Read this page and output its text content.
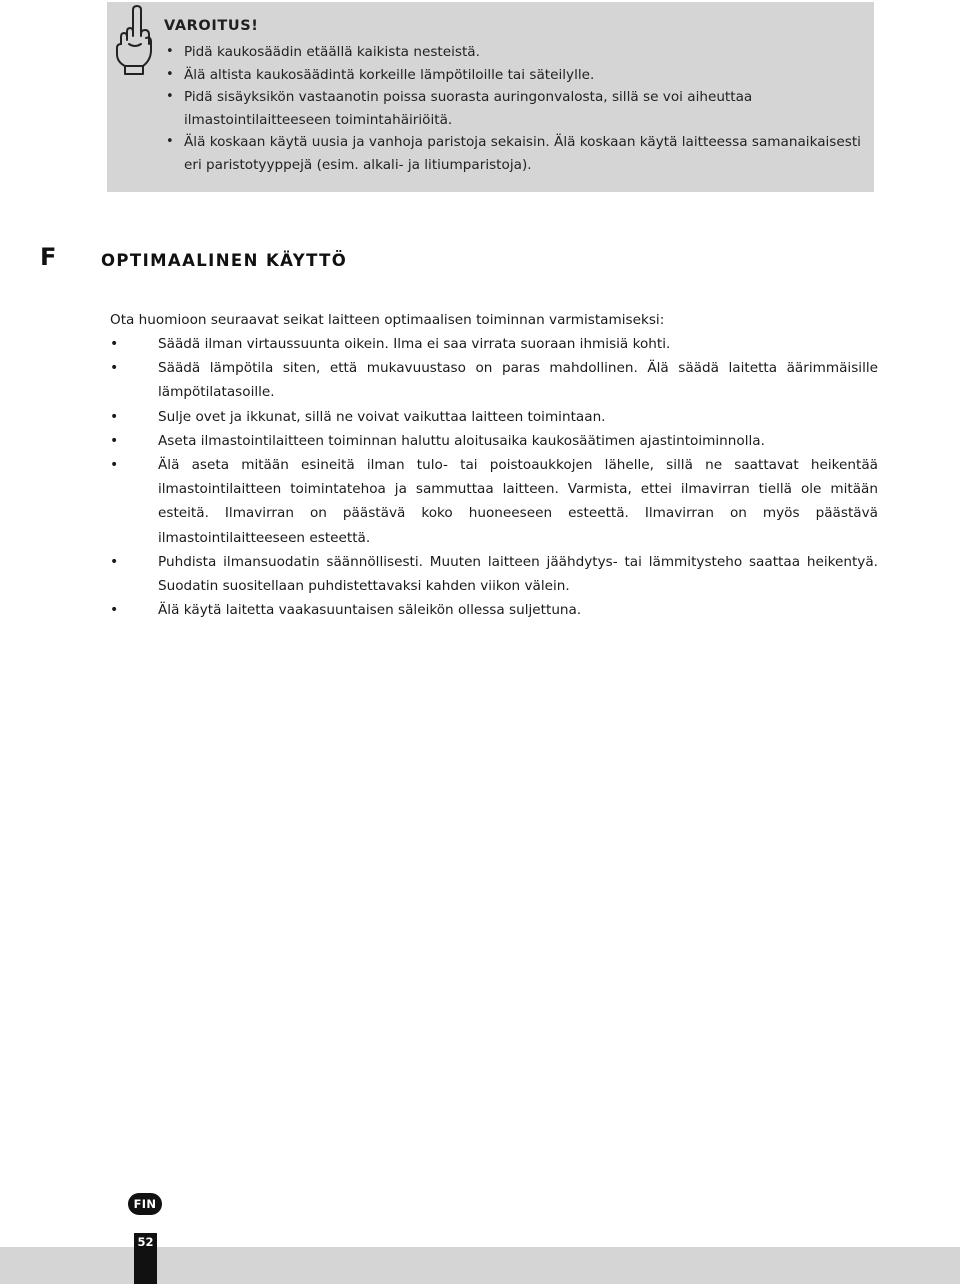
VAROITUS!
• Pidä kaukosäädin etäällä kaikista nesteistä.
• Älä altista kaukosäädintä korkeille lämpötiloille tai säteilylle.
• Pidä sisäyksikön vastaanotin poissa suorasta auringonvalosta, sillä se voi aiheuttaa ilmastointilaitteeseen toimintahäiriöitä.
• Älä koskaan käytä uusia ja vanhoja paristoja sekaisin. Älä koskaan käytä laitteessa samanaikaisesti eri paristotyyppejä (esim. alkali- ja litiumparistoja).
F	OPTIMAALINEN KÄYTTÖ

Ota huomioon seuraavat seikat laitteen optimaalisen toiminnan varmistamiseksi:

• Säädä ilman virtaussuunta oikein. Ilma ei saa virrata suoraan ihmisiä kohti.
• Säädä lämpötila siten, että mukavuustaso on paras mahdollinen. Älä säädä laitetta äärimmäisille lämpötilatasoille.
• Sulje ovet ja ikkunat, sillä ne voivat vaikuttaa laitteen toimintaan.
• Aseta ilmastointilaitteen toiminnan haluttu aloitusaika kaukosäätimen ajastintoiminnolla.
• Älä aseta mitään esineitä ilman tulo- tai poistoaukkojen lähelle, sillä ne saattavat heikentää ilmastointilaitteen toimintatehoa ja sammuttaa laitteen. Varmista, ettei ilmavirran tiellä ole mitään esteitä. Ilmavirran on päästävä koko huoneeseen esteettä. Ilmavirran on myös päästävä ilmastointilaitteeseen esteettä.
• Puhdista ilmansuodatin säännöllisesti. Muuten laitteen jäähdytys- tai lämmitysteho saattaa heikentyä. Suodatin suositellaan puhdistettavaksi kahden viikon välein.
• Älä käytä laitetta vaakasuuntaisen säleikön ollessa suljettuna.
FIN
52
